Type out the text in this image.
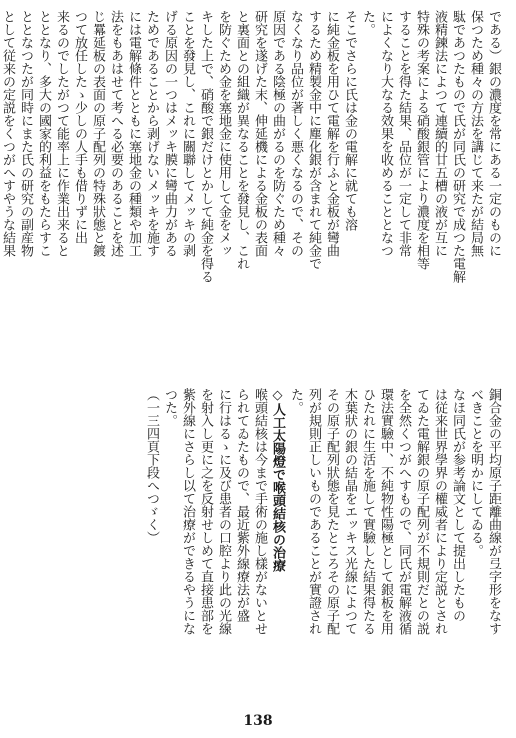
である）銀の濃度を常にある一定のものに
保つため種々の方法を講じて来たが結局無
駄であつたもので氏が同氏の研究で成つた電解
液精鍊法によつて連續的廿五槽の液が互に
特殊の考案による硝酸銀管により濃度を相等
することを得た結果、品位が一定して非常
によくなり大なる效果を收めることとなつ
た。
そこでさらに氏は金の電解に就ても溶
に純金板を用ひて電解を行ふと金板が彎曲
するため精製金中に塵化銀が含まれて純金で
なくなり品位が著しく悪くなるので、その
原因である陰極の曲がるのを防ぐため種々
研究を遂げた末、伸延機による金板の表面
と裏面との組織が異なることを發見し、これ
を防ぐため金を塞地金に使用して金をメッ
キした上で、硝酸で銀だけとかして純金を得る
ことを發見し、これに關聯してメッキの剥
げる原因の一つはメッキ膜に彎曲力がある
ためであることから剥げないメッキを施す
には電解條件とともに塞地金の種類や加工
法をもあはせて考へる必要のあることを述
じ羃延板の表面の原子配列の特殊狀態と鍍
つて放任したゝ少しの人手も借りずに出
来るのでしたがつて能率上に作業出来ると
ととなり、多大の國家的利益をもたらすこ
ととなつたが同時にまた氏の研究の副産物
として従来の定説をくつがへすやうな結果
銅合金の平均原子距離曲線が弖字形をなす
べきことを明かにしてゐる。
なほ同氏が参考論文として提出したもの
は従来世界學界の權威者により定説とされ
てゐた電解銀の原子配列が不規則だとの説
を全然くつがへすもので、同氏が電解液循
環法實驗中、不純物性陽極として銀板を用
ひたれに生活を施して實驗した結果得たる
木葉狀の銀の結晶をエッキス光線によつて
その原子配列狀態を見たところその原子配
列が規則正しいものであることが實證され
た。
◇人工太陽燈で喉頭結核の治療
喉頭結核は今まで手術の施し樣がないとせ
られてゐたもので、最近紫外線療法が盛
に行はるゝに及び患者の口腔より此の光線
を射入し更に之を反射せしめて直接患部を
紫外線にさらし以て治療ができるやうにな
つた。
（一三四頁下段へつゞく）
138
